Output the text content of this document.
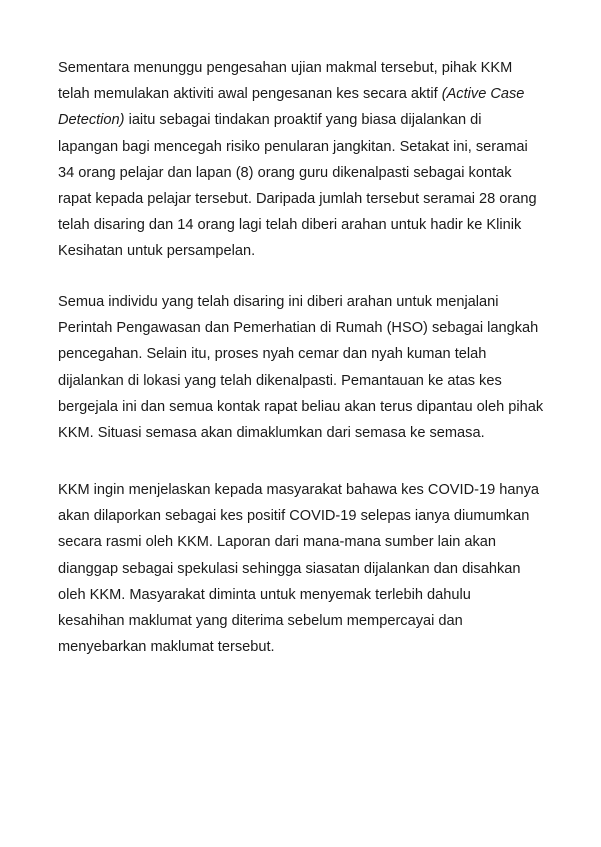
Sementara menunggu pengesahan ujian makmal tersebut, pihak KKM
telah memulakan aktiviti awal pengesanan kes secara aktif (Active Case
Detection) iaitu sebagai tindakan proaktif yang biasa dijalankan di
lapangan bagi mencegah risiko penularan jangkitan. Setakat ini, seramai
34 orang pelajar dan lapan (8) orang guru dikenalpasti sebagai kontak
rapat kepada pelajar tersebut. Daripada jumlah tersebut seramai 28 orang
telah disaring dan 14 orang lagi telah diberi arahan untuk hadir ke Klinik
Kesihatan untuk persampelan.
Semua individu yang telah disaring ini diberi arahan untuk menjalani
Perintah Pengawasan dan Pemerhatian di Rumah (HSO) sebagai langkah
pencegahan. Selain itu, proses nyah cemar dan nyah kuman telah
dijalankan di lokasi yang telah dikenalpasti. Pemantauan ke atas kes
bergejala ini dan semua kontak rapat beliau akan terus dipantau oleh pihak
KKM. Situasi semasa akan dimaklumkan dari semasa ke semasa.
KKM ingin menjelaskan kepada masyarakat bahawa kes COVID-19 hanya
akan dilaporkan sebagai kes positif COVID-19 selepas ianya diumumkan
secara rasmi oleh KKM. Laporan dari mana-mana sumber lain akan
dianggap sebagai spekulasi sehingga siasatan dijalankan dan disahkan
oleh KKM. Masyarakat diminta untuk menyemak terlebih dahulu
kesahihan maklumat yang diterima sebelum mempercayai dan
menyebarkan maklumat tersebut.
